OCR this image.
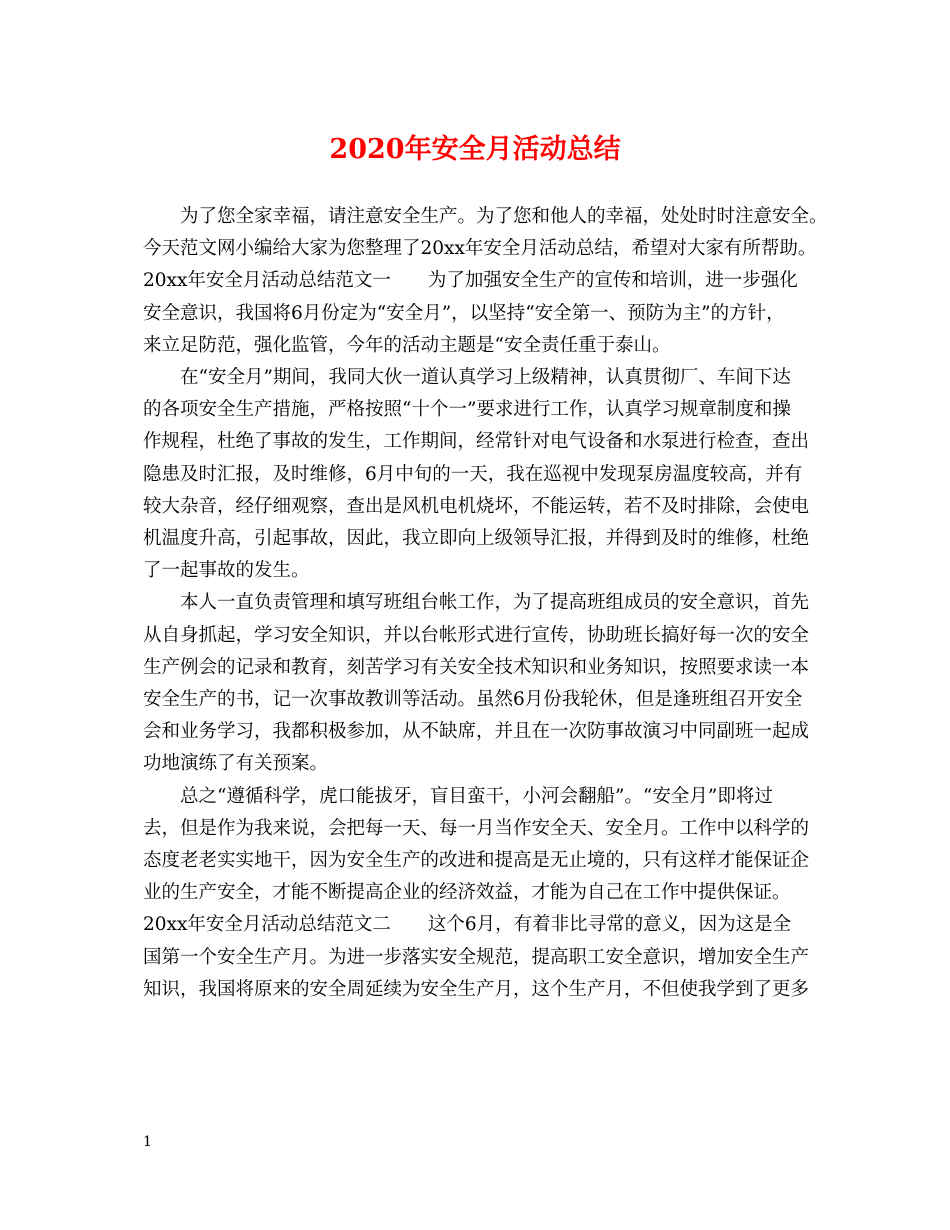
2020年安全月活动总结
　　为了您全家幸福，请注意安全生产。为了您和他人的幸福，处处时时注意安全。
今天范文网小编给大家为您整理了20xx年安全月活动总结，希望对大家有所帮助。
20xx年安全月活动总结范文一　　为了加强安全生产的宣传和培训，进一步强化
安全意识，我国将6月份定为“安全月”，以坚持“安全第一、预防为主”的方针，
来立足防范，强化监管，今年的活动主题是“安全责任重于泰山。
　　在“安全月”期间，我同大伙一道认真学习上级精神，认真贯彻厂、车间下达
的各项安全生产措施，严格按照“十个一”要求进行工作，认真学习规章制度和操
作规程，杜绝了事故的发生，工作期间，经常针对电气设备和水泵进行检查，查出
隐患及时汇报，及时维修，6月中旬的一天，我在巡视中发现泵房温度较高，并有
较大杂音，经仔细观察，查出是风机电机烧坏，不能运转，若不及时排除，会使电
机温度升高，引起事故，因此，我立即向上级领导汇报，并得到及时的维修，杜绝
了一起事故的发生。
　　本人一直负责管理和填写班组台帐工作，为了提高班组成员的安全意识，首先
从自身抓起，学习安全知识，并以台帐形式进行宣传，协助班长搞好每一次的安全
生产例会的记录和教育，刻苦学习有关安全技术知识和业务知识，按照要求读一本
安全生产的书，记一次事故教训等活动。虽然6月份我轮休，但是逢班组召开安全
会和业务学习，我都积极参加，从不缺席，并且在一次防事故演习中同副班一起成
功地演练了有关预案。
　　总之“遵循科学，虎口能拔牙，盲目蛮干，小河会翻船”。“安全月”即将过
去，但是作为我来说，会把每一天、每一月当作安全天、安全月。工作中以科学的
态度老老实实地干，因为安全生产的改进和提高是无止境的，只有这样才能保证企
业的生产安全，才能不断提高企业的经济效益，才能为自己在工作中提供保证。
20xx年安全月活动总结范文二　　这个6月，有着非比寻常的意义，因为这是全
国第一个安全生产月。为进一步落实安全规范，提高职工安全意识，增加安全生产
知识，我国将原来的安全周延续为安全生产月，这个生产月，不但使我学到了更多
1
